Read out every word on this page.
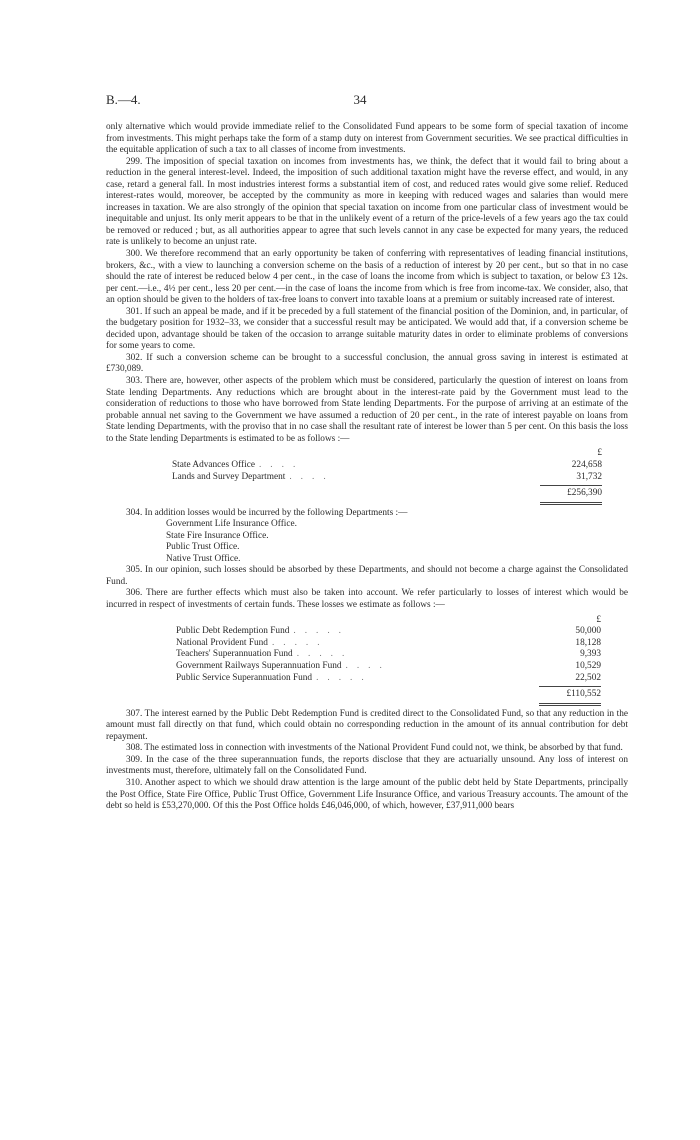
B.—4.	34

only alternative which would provide immediate relief to the Consolidated Fund appears to be some form of special taxation of income from investments. This might perhaps take the form of a stamp duty on interest from Government securities. We see practical difficulties in the equitable application of such a tax to all classes of income from investments.

299. The imposition of special taxation on incomes from investments has, we think, the defect that it would fail to bring about a reduction in the general interest-level. Indeed, the imposition of such additional taxation might have the reverse effect, and would, in any case, retard a general fall. In most industries interest forms a substantial item of cost, and reduced rates would give some relief. Reduced interest-rates would, moreover, be accepted by the community as more in keeping with reduced wages and salaries than would mere increases in taxation. We are also strongly of the opinion that special taxation on income from one particular class of investment would be inequitable and unjust. Its only merit appears to be that in the unlikely event of a return of the price-levels of a few years ago the tax could be removed or reduced ; but, as all authorities appear to agree that such levels cannot in any case be expected for many years, the reduced rate is unlikely to become an unjust rate.

300. We therefore recommend that an early opportunity be taken of conferring with representatives of leading financial institutions, brokers, &c., with a view to launching a conversion scheme on the basis of a reduction of interest by 20 per cent., but so that in no case should the rate of interest be reduced below 4 per cent., in the case of loans the income from which is subject to taxation, or below £3 12s. per cent.—i.e., 4½ per cent., less 20 per cent.—in the case of loans the income from which is free from income-tax. We consider, also, that an option should be given to the holders of tax-free loans to convert into taxable loans at a premium or suitably increased rate of interest.

301. If such an appeal be made, and if it be preceded by a full statement of the financial position of the Dominion, and, in particular, of the budgetary position for 1932–33, we consider that a successful result may be anticipated. We would add that, if a conversion scheme be decided upon, advantage should be taken of the occasion to arrange suitable maturity dates in order to eliminate problems of conversions for some years to come.

302. If such a conversion scheme can be brought to a successful conclusion, the annual gross saving in interest is estimated at £730,089.

303. There are, however, other aspects of the problem which must be considered, particularly the question of interest on loans from State lending Departments. Any reductions which are brought about in the interest-rate paid by the Government must lead to the consideration of reductions to those who have borrowed from State lending Departments. For the purpose of arriving at an estimate of the probable annual net saving to the Government we have assumed a reduction of 20 per cent., in the rate of interest payable on loans from State lending Departments, with the proviso that in no case shall the resultant rate of interest be lower than 5 per cent. On this basis the loss to the State lending Departments is estimated to be as follows :—

£
State Advances Office ....	224,658
Lands and Survey Department ....	31,732
£256,390

304. In addition losses would be incurred by the following Departments :—

Government Life Insurance Office.
State Fire Insurance Office.
Public Trust Office.
Native Trust Office.

305. In our opinion, such losses should be absorbed by these Departments, and should not become a charge against the Consolidated Fund.

306. There are further effects which must also be taken into account. We refer particularly to losses of interest which would be incurred in respect of investments of certain funds. These losses we estimate as follows :—

£
Public Debt Redemption Fund .....	50,000
National Provident Fund .....	18,128
Teachers' Superannuation Fund .....	9,393
Government Railways Superannuation Fund ....	10,529
Public Service Superannuation Fund .....	22,502
£110,552

307. The interest earned by the Public Debt Redemption Fund is credited direct to the Consolidated Fund, so that any reduction in the amount must fall directly on that fund, which could obtain no corresponding reduction in the amount of its annual contribution for debt repayment.

308. The estimated loss in connection with investments of the National Provident Fund could not, we think, be absorbed by that fund.

309. In the case of the three superannuation funds, the reports disclose that they are actuarially unsound. Any loss of interest on investments must, therefore, ultimately fall on the Consolidated Fund.

310. Another aspect to which we should draw attention is the large amount of the public debt held by State Departments, principally the Post Office, State Fire Office, Public Trust Office, Government Life Insurance Office, and various Treasury accounts. The amount of the debt so held is £53,270,000. Of this the Post Office holds £46,046,000, of which, however, £37,911,000 bears
